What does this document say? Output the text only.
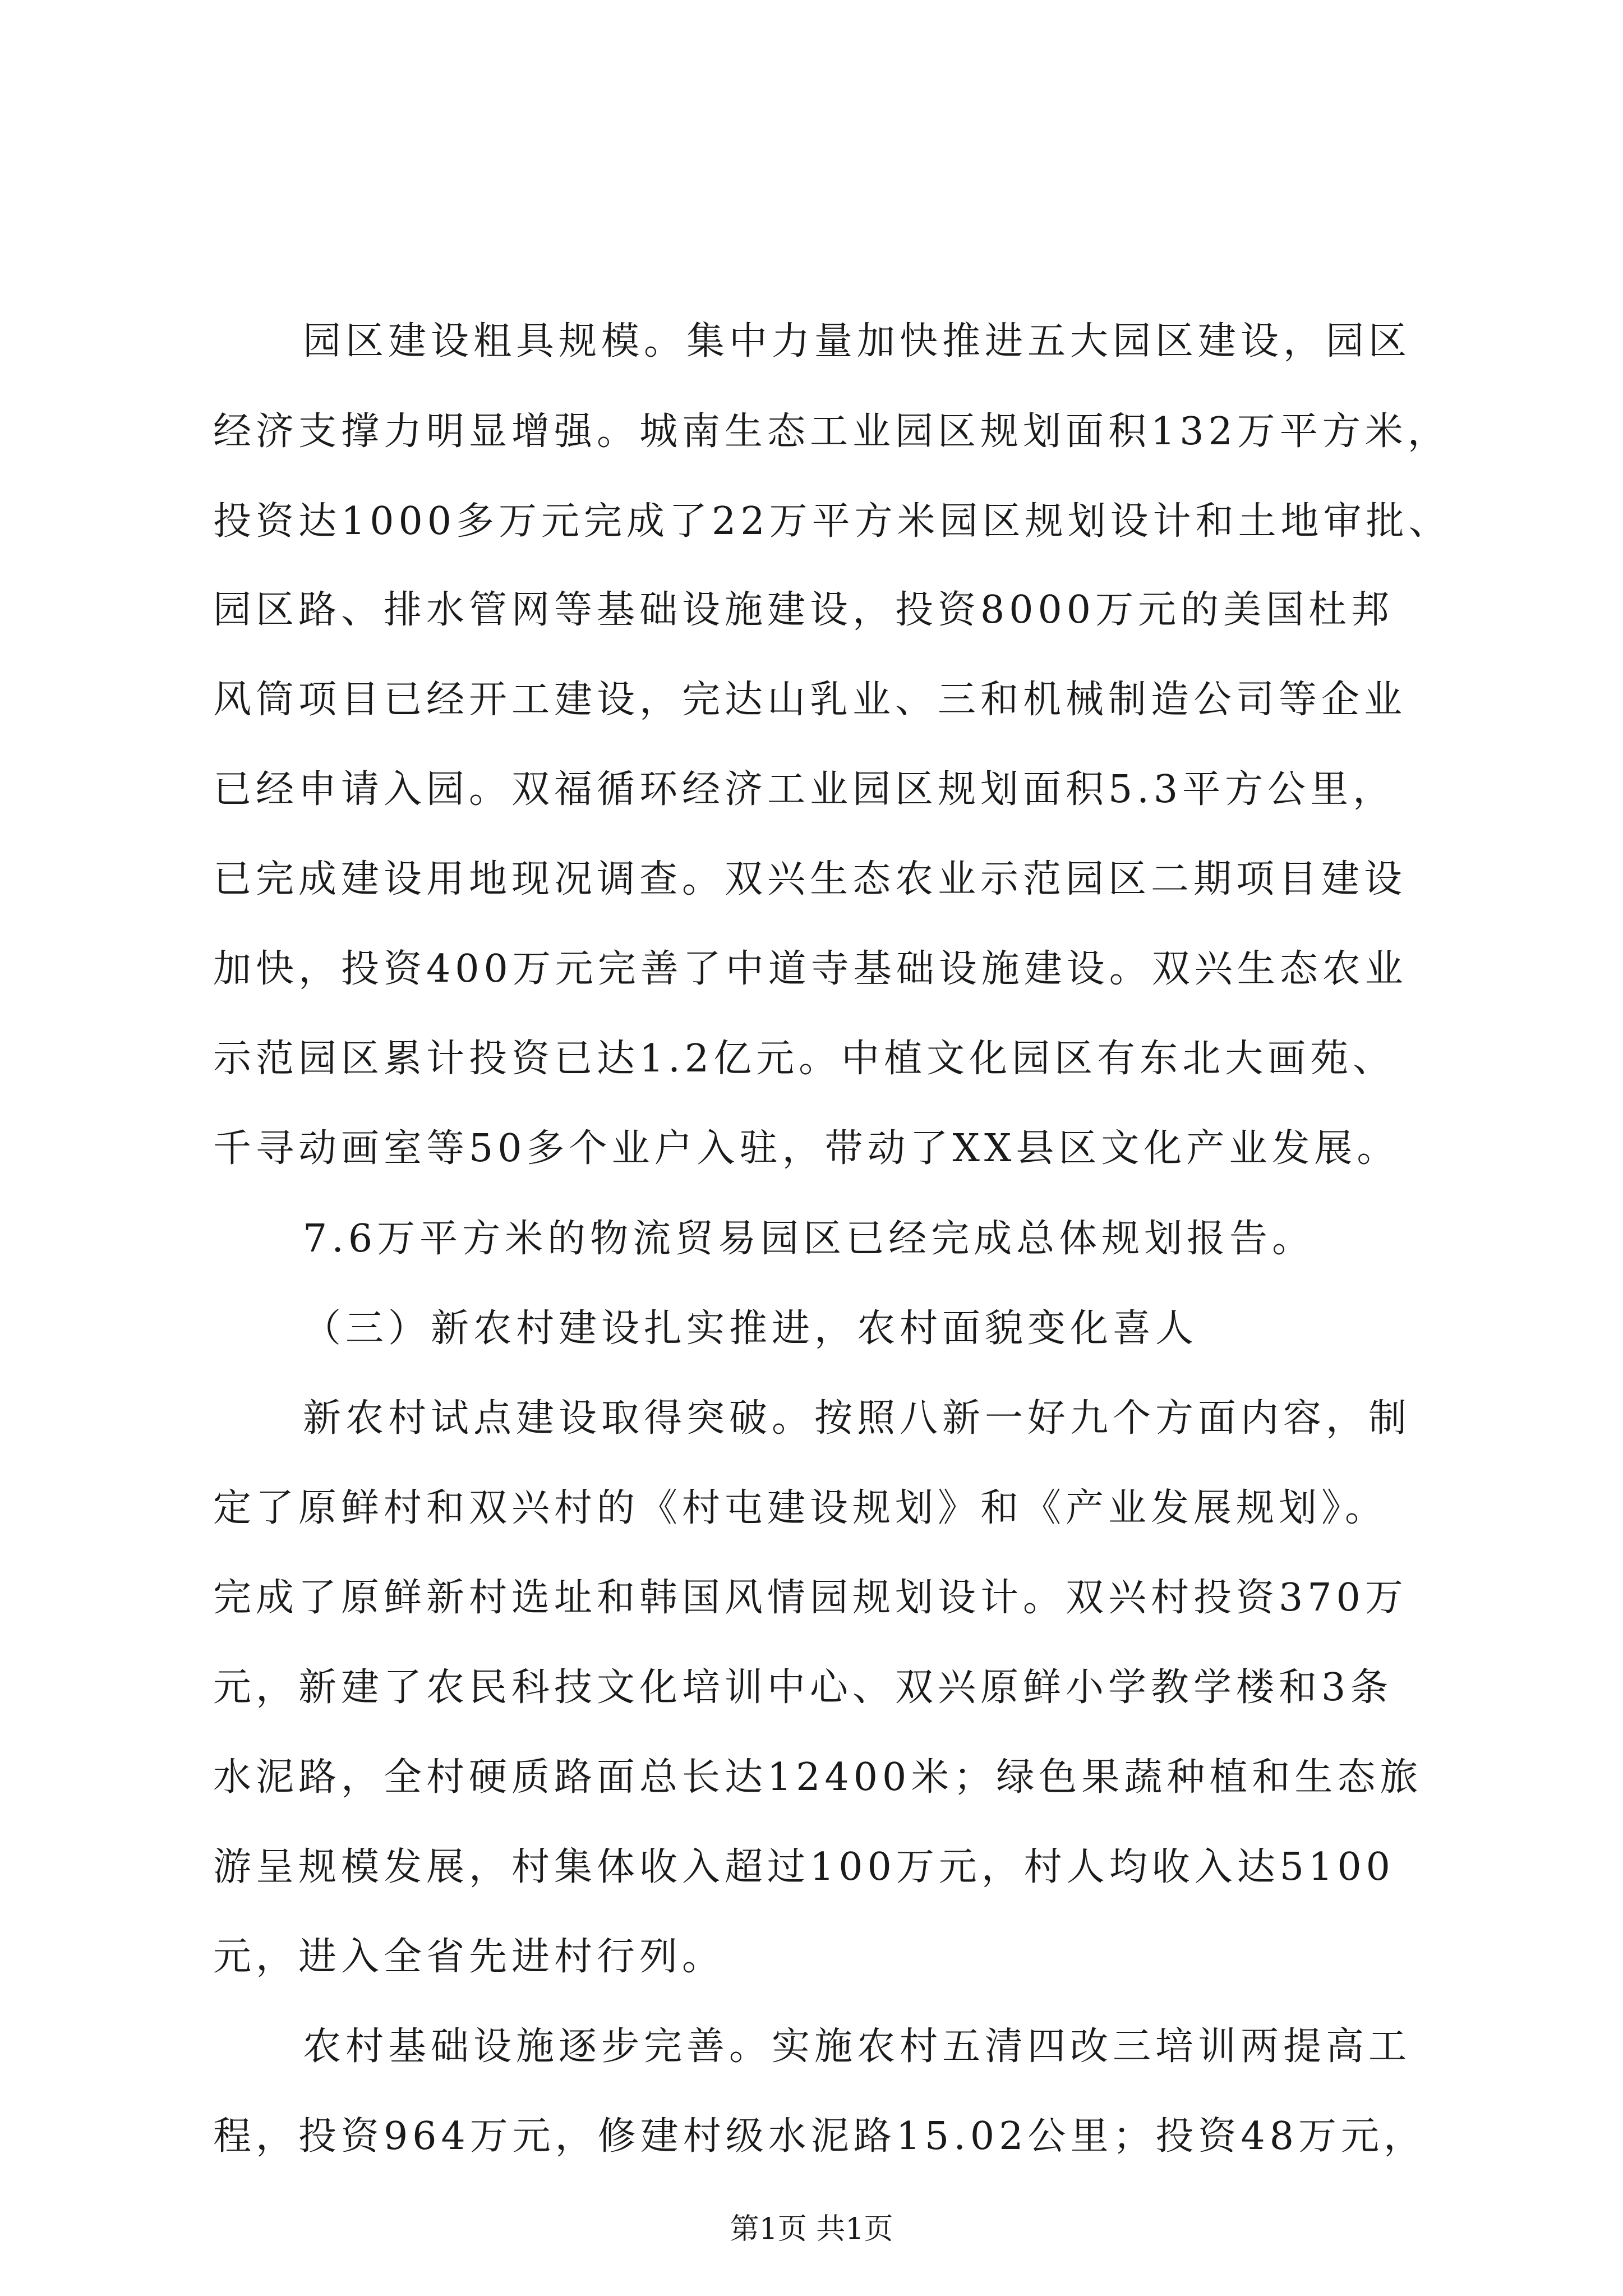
园区建设粗具规模。集中力量加快推进五大园区建设，园区
经济支撑力明显增强。城南生态工业园区规划面积132万平方米，
投资达1000多万元完成了22万平方米园区规划设计和土地审批、
园区路、排水管网等基础设施建设，投资8000万元的美国杜邦
风筒项目已经开工建设，完达山乳业、三和机械制造公司等企业
已经申请入园。双福循环经济工业园区规划面积5.3平方公里，
已完成建设用地现况调查。双兴生态农业示范园区二期项目建设
加快，投资400万元完善了中道寺基础设施建设。双兴生态农业
示范园区累计投资已达1.2亿元。中植文化园区有东北大画苑、
千寻动画室等50多个业户入驻，带动了XX县区文化产业发展。
7.6万平方米的物流贸易园区已经完成总体规划报告。
（三）新农村建设扎实推进，农村面貌变化喜人
新农村试点建设取得突破。按照八新一好九个方面内容，制
定了原鲜村和双兴村的《村屯建设规划》和《产业发展规划》。
完成了原鲜新村选址和韩国风情园规划设计。双兴村投资370万
元，新建了农民科技文化培训中心、双兴原鲜小学教学楼和3条
水泥路，全村硬质路面总长达12400米；绿色果蔬种植和生态旅
游呈规模发展，村集体收入超过100万元，村人均收入达5100
元，进入全省先进村行列。
农村基础设施逐步完善。实施农村五清四改三培训两提高工
程，投资964万元，修建村级水泥路15.02公里；投资48万元，
第1页 共1页
